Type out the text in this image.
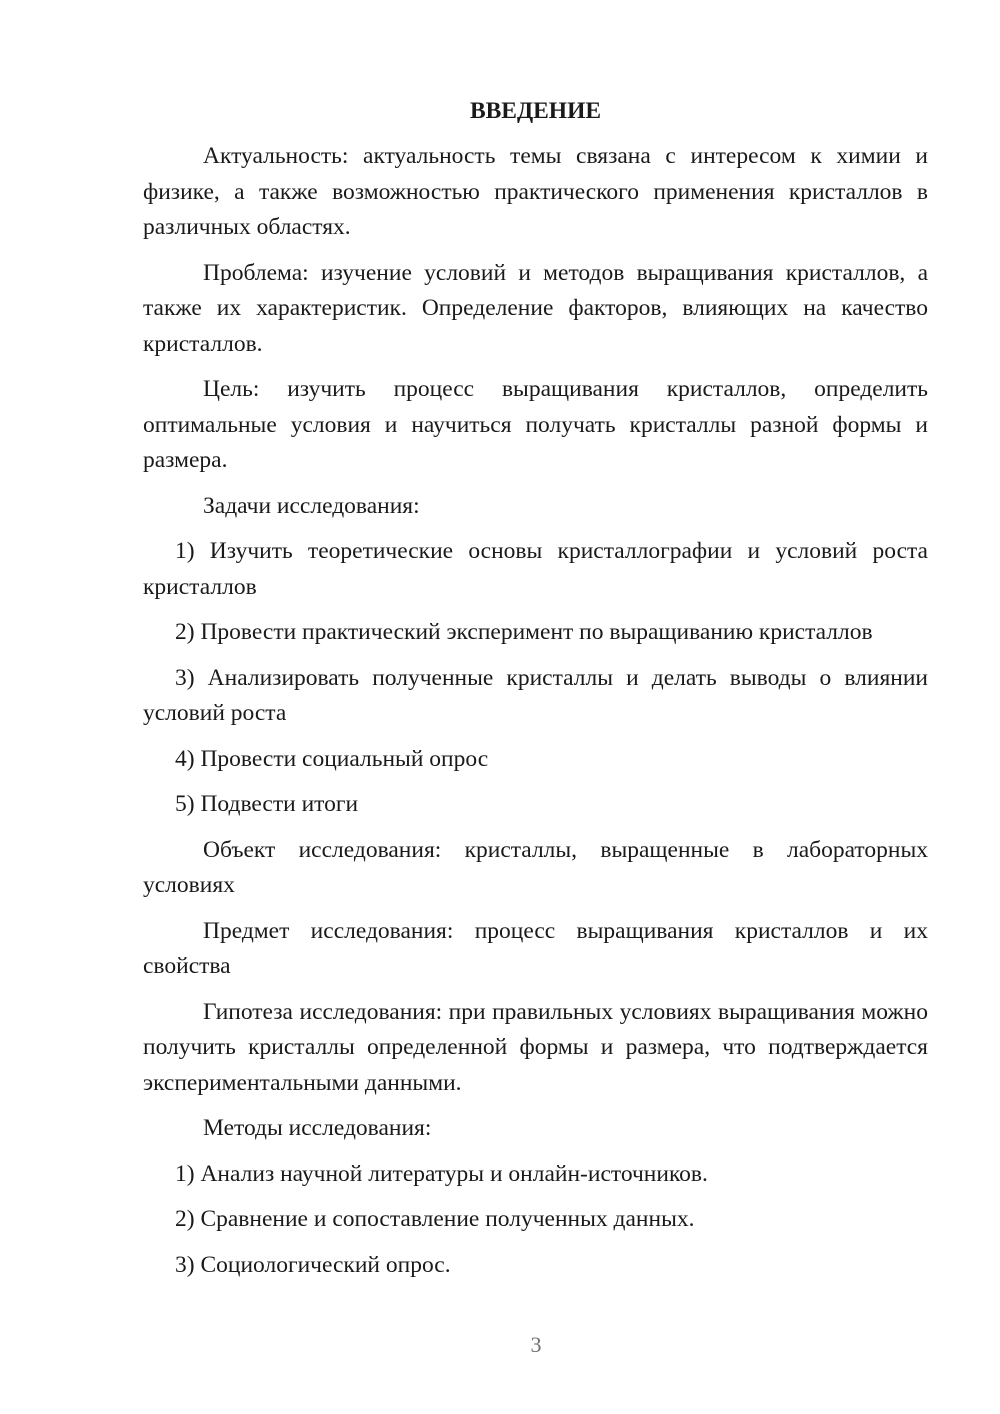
ВВЕДЕНИЕ

Актуальность: актуальность темы связана с интересом к химии и физике, а также возможностью практического применения кристаллов в различных областях.

Проблема: изучение условий и методов выращивания кристаллов, а также их характеристик. Определение факторов, влияющих на качество кристаллов.

Цель: изучить процесс выращивания кристаллов, определить оптимальные условия и научиться получать кристаллы разной формы и размера.

Задачи исследования:

1) Изучить теоретические основы кристаллографии и условий роста кристаллов

2) Провести практический эксперимент по выращиванию кристаллов

3) Анализировать полученные кристаллы и делать выводы о влиянии условий роста

4) Провести социальный опрос

5) Подвести итоги

Объект исследования: кристаллы, выращенные в лабораторных условиях

Предмет исследования: процесс выращивания кристаллов и их свойства

Гипотеза исследования: при правильных условиях выращивания можно получить кристаллы определенной формы и размера, что подтверждается экспериментальными данными.

Методы исследования:

1) Анализ научной литературы и онлайн-источников.

2) Сравнение и сопоставление полученных данных.

3) Социологический опрос.

3
